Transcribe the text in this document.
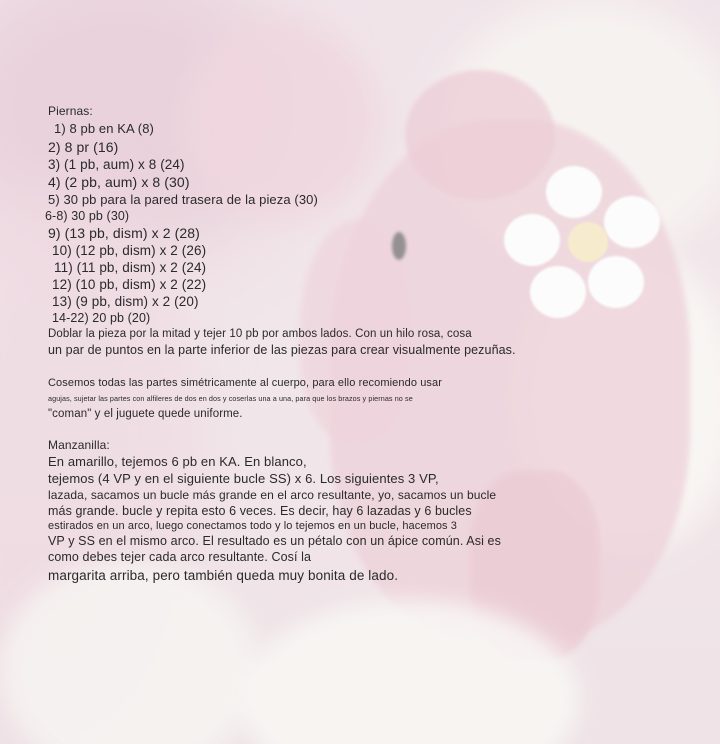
Piernas:
1) 8 pb en KA (8)
2) 8 pr (16)
3) (1 pb, aum) x 8 (24)
4) (2 pb, aum) x 8 (30)
5) 30 pb para la pared trasera de la pieza (30)
6-8) 30 pb (30)
9) (13 pb, dism) x 2 (28)
10) (12 pb, dism) x 2 (26)
11) (11 pb, dism) x 2 (24)
12) (10 pb, dism) x 2 (22)
13) (9 pb, dism) x 2 (20)
14-22) 20 pb (20)
Doblar la pieza por la mitad y tejer 10 pb por ambos lados. Con un hilo rosa, cosa
un par de puntos en la parte inferior de las piezas para crear visualmente pezuñas.
Cosemos todas las partes simétricamente al cuerpo, para ello recomiendo usar
agujas, sujetar las partes con alfileres de dos en dos y coserlas una a una, para que los brazos y piernas no se
"coman" y el juguete quede uniforme.
Manzanilla:
En amarillo, tejemos 6 pb en KA. En blanco,
tejemos (4 VP y en el siguiente bucle SS) x 6. Los siguientes 3 VP,
lazada, sacamos un bucle más grande en el arco resultante, yo, sacamos un bucle
más grande. bucle y repita esto 6 veces. Es decir, hay 6 lazadas y 6 bucles
estirados en un arco, luego conectamos todo y lo tejemos en un bucle, hacemos 3
VP y SS en el mismo arco. El resultado es un pétalo con un ápice común. Asi es
como debes tejer cada arco resultante. Cosí la
margarita arriba, pero también queda muy bonita de lado.
